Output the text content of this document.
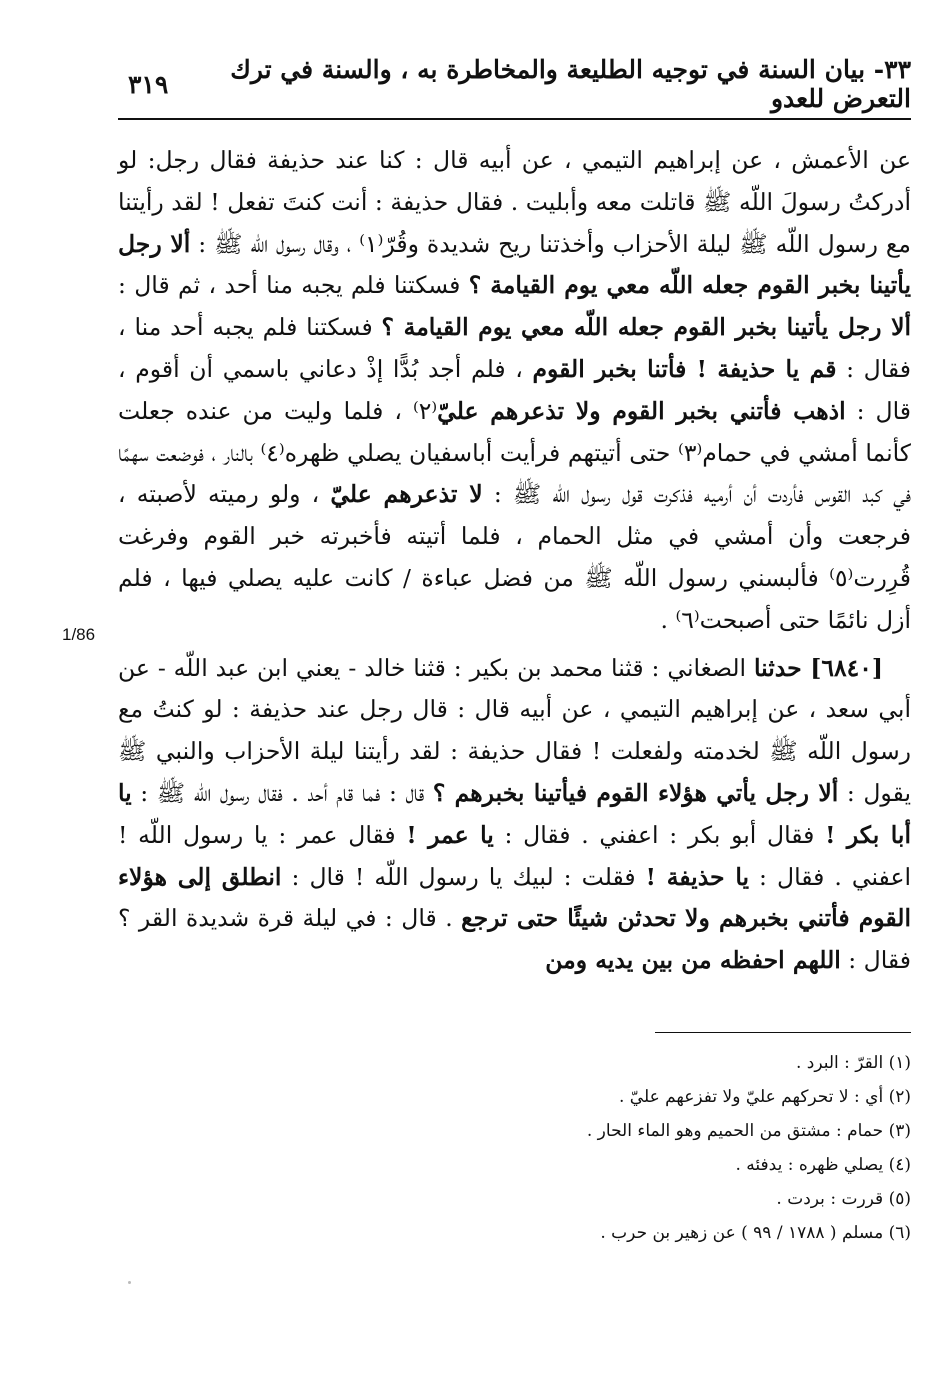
٣٣- بيان السنة في توجيه الطليعة والمخاطرة به ، والسنة في ترك التعرض للعدو
٣١٩

عن الأعمش ، عن إبراهيم التيمي ، عن أبيه قال : كنا عند حذيفة فقال رجل: لو أدركتُ رسولَ اللّه ﷺ قاتلت معه وأبليت . فقال حذيفة : أنت كنتَ تفعل ! لقد رأيتنا مع رسول اللّه ﷺ ليلة الأحزاب وأخذتنا ريح شديدة وقُرّ⁽١⁾ ، وقال رسول اللّه ﷺ : ألا رجل يأتينا بخبر القوم جعله اللّه معي يوم القيامة ؟ فسكتنا فلم يجبه منا أحد ، ثم قال : ألا رجل يأتينا بخبر القوم جعله اللّه معي يوم القيامة ؟ فسكتنا فلم يجبه أحد منا ، فقال : قم يا حذيفة ! فأتنا بخبر القوم ، فلم أجد بُدًّا إذْ دعاني باسمي أن أقوم ، قال : اذهب فأتني بخبر القوم ولا تذعرهم عليّ⁽٢⁾ ، فلما وليت من عنده جعلت كأنما أمشي في حمام⁽٣⁾ حتى أتيتهم فرأيت أباسفيان يصلي ظهره⁽٤⁾ بالنار ، فوضعت سهمًا في كبد القوس فأردت أن أرميه فذكرت قول رسول اللّه ﷺ : لا تذعرهم عليّ ، ولو رميته لأصبته ، فرجعت وأن أمشي في مثل الحمام ، فلما أتيته فأخبرته خبر القوم وفرغت قُرِرت⁽٥⁾ فألبسني رسول اللّه ﷺ من فضل عباءة / كانت عليه يصلي فيها ، فلم أزل نائمًا حتى أصبحت⁽٦⁾ .

[٦٨٤٠] حدثنا الصغاني : قثنا محمد بن بكير : قثنا خالد - يعني ابن عبد اللّه - عن أبي سعد ، عن إبراهيم التيمي ، عن أبيه قال : قال رجل عند حذيفة : لو كنتُ مع رسول اللّه ﷺ لخدمته ولفعلت ! فقال حذيفة : لقد رأيتنا ليلة الأحزاب والنبي ﷺ يقول : ألا رجل يأتي هؤلاء القوم فيأتينا بخبرهم ؟ قال : فما قام أحد . فقال رسول اللّه ﷺ : يا أبا بكر ! فقال أبو بكر : اعفني . فقال : يا عمر ! فقال عمر : يا رسول اللّه ! اعفني . فقال : يا حذيفة ! فقلت : لبيك يا رسول اللّه ! قال : انطلق إلى هؤلاء القوم فأتني بخبرهم ولا تحدثن شيئًا حتى ترجع . قال : في ليلة قرة شديدة القر ؟ فقال : اللهم احفظه من بين يديه ومن

1/86
(١) القرّ : البرد .
(٢) أي : لا تحركهم عليّ ولا تفزعهم عليّ .
(٣) حمام : مشتق من الحميم وهو الماء الحار .
(٤) يصلي ظهره : يدفئه .
(٥) قررت : بردت .
(٦) مسلم ( ١٧٨٨ / ٩٩ ) عن زهير بن حرب .
